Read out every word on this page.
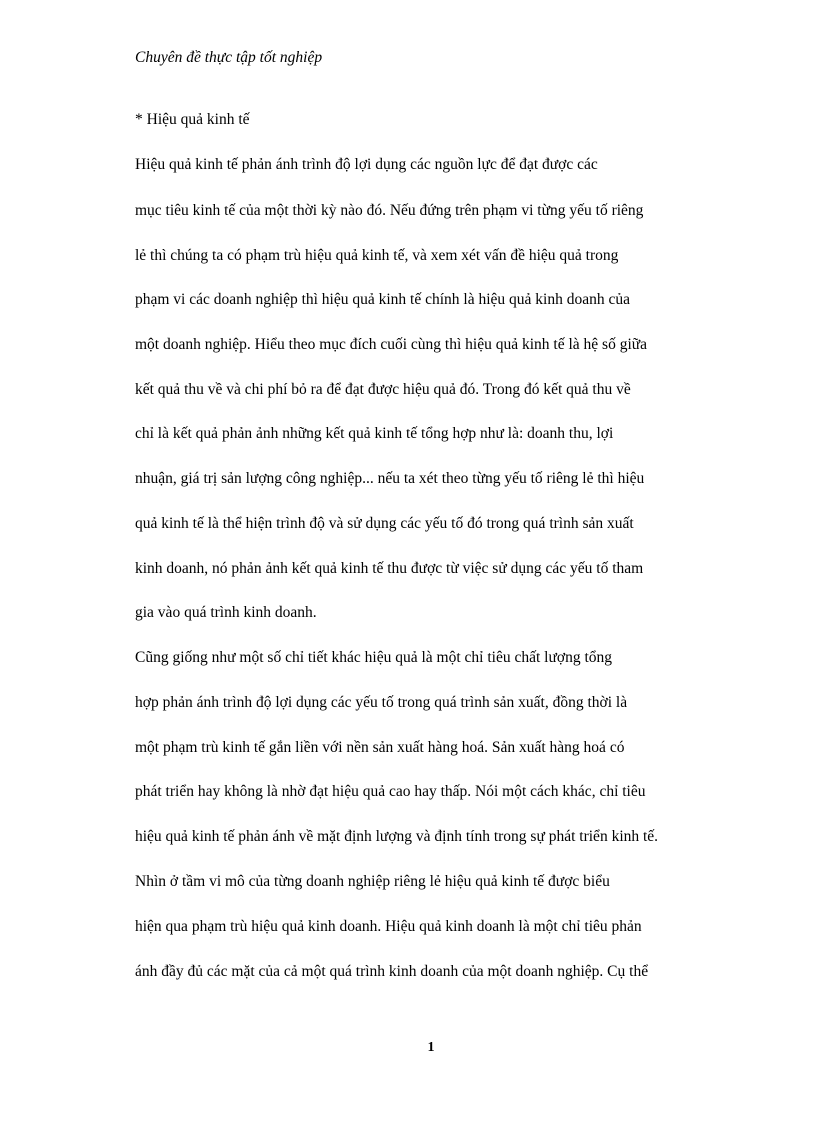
Chuyên đề thực tập tốt nghiệp
* Hiệu quả kinh tế
Hiệu quả kinh tế phản ánh trình độ lợi dụng các nguồn lực để đạt được các
mục tiêu kinh tế của một thời kỳ nào đó. Nếu đứng trên phạm vi từng yếu tố riêng
lẻ thì chúng ta có phạm trù hiệu quả kinh tế, và xem xét vấn đề hiệu quả trong
phạm vi các doanh nghiệp thì hiệu quả kinh tế chính là hiệu quả kinh doanh của
một doanh nghiệp. Hiểu theo mục đích cuối cùng thì hiệu quả kinh tế là hệ số giữa
kết quả thu về và chi phí bỏ ra để đạt được hiệu quả đó. Trong đó kết quả thu về
chỉ là kết quả phản ảnh những kết quả kinh tế tổng hợp như là: doanh thu, lợi
nhuận, giá trị sản lượng công nghiệp... nếu ta xét theo từng yếu tố riêng lẻ thì hiệu
quả kinh tế là thể hiện trình độ và sử dụng các yếu tố đó trong quá trình sản xuất
kinh doanh, nó phản ảnh kết quả kinh tế thu được từ việc sử dụng các yếu tố tham
gia vào quá trình kinh doanh.
Cũng giống như một số chỉ tiết khác hiệu quả là một chỉ tiêu chất lượng tổng
hợp phản ánh trình độ lợi dụng các yếu tố trong quá trình sản xuất, đồng thời là
một phạm trù kinh tế gắn liền với nền sản xuất hàng hoá. Sản xuất hàng hoá có
phát triển hay không là nhờ đạt hiệu quả cao hay thấp. Nói một cách khác, chỉ tiêu
hiệu quả kinh tế phản ánh về mặt định lượng và định tính trong sự phát triển kinh tế.
Nhìn ở tầm vi mô của từng doanh nghiệp riêng lẻ hiệu quả kinh tế được biểu
hiện qua phạm trù hiệu quả kinh doanh. Hiệu quả kinh doanh là một chỉ tiêu phản
ánh đầy đủ các mặt của cả một quá trình kinh doanh của một doanh nghiệp. Cụ thể
1
